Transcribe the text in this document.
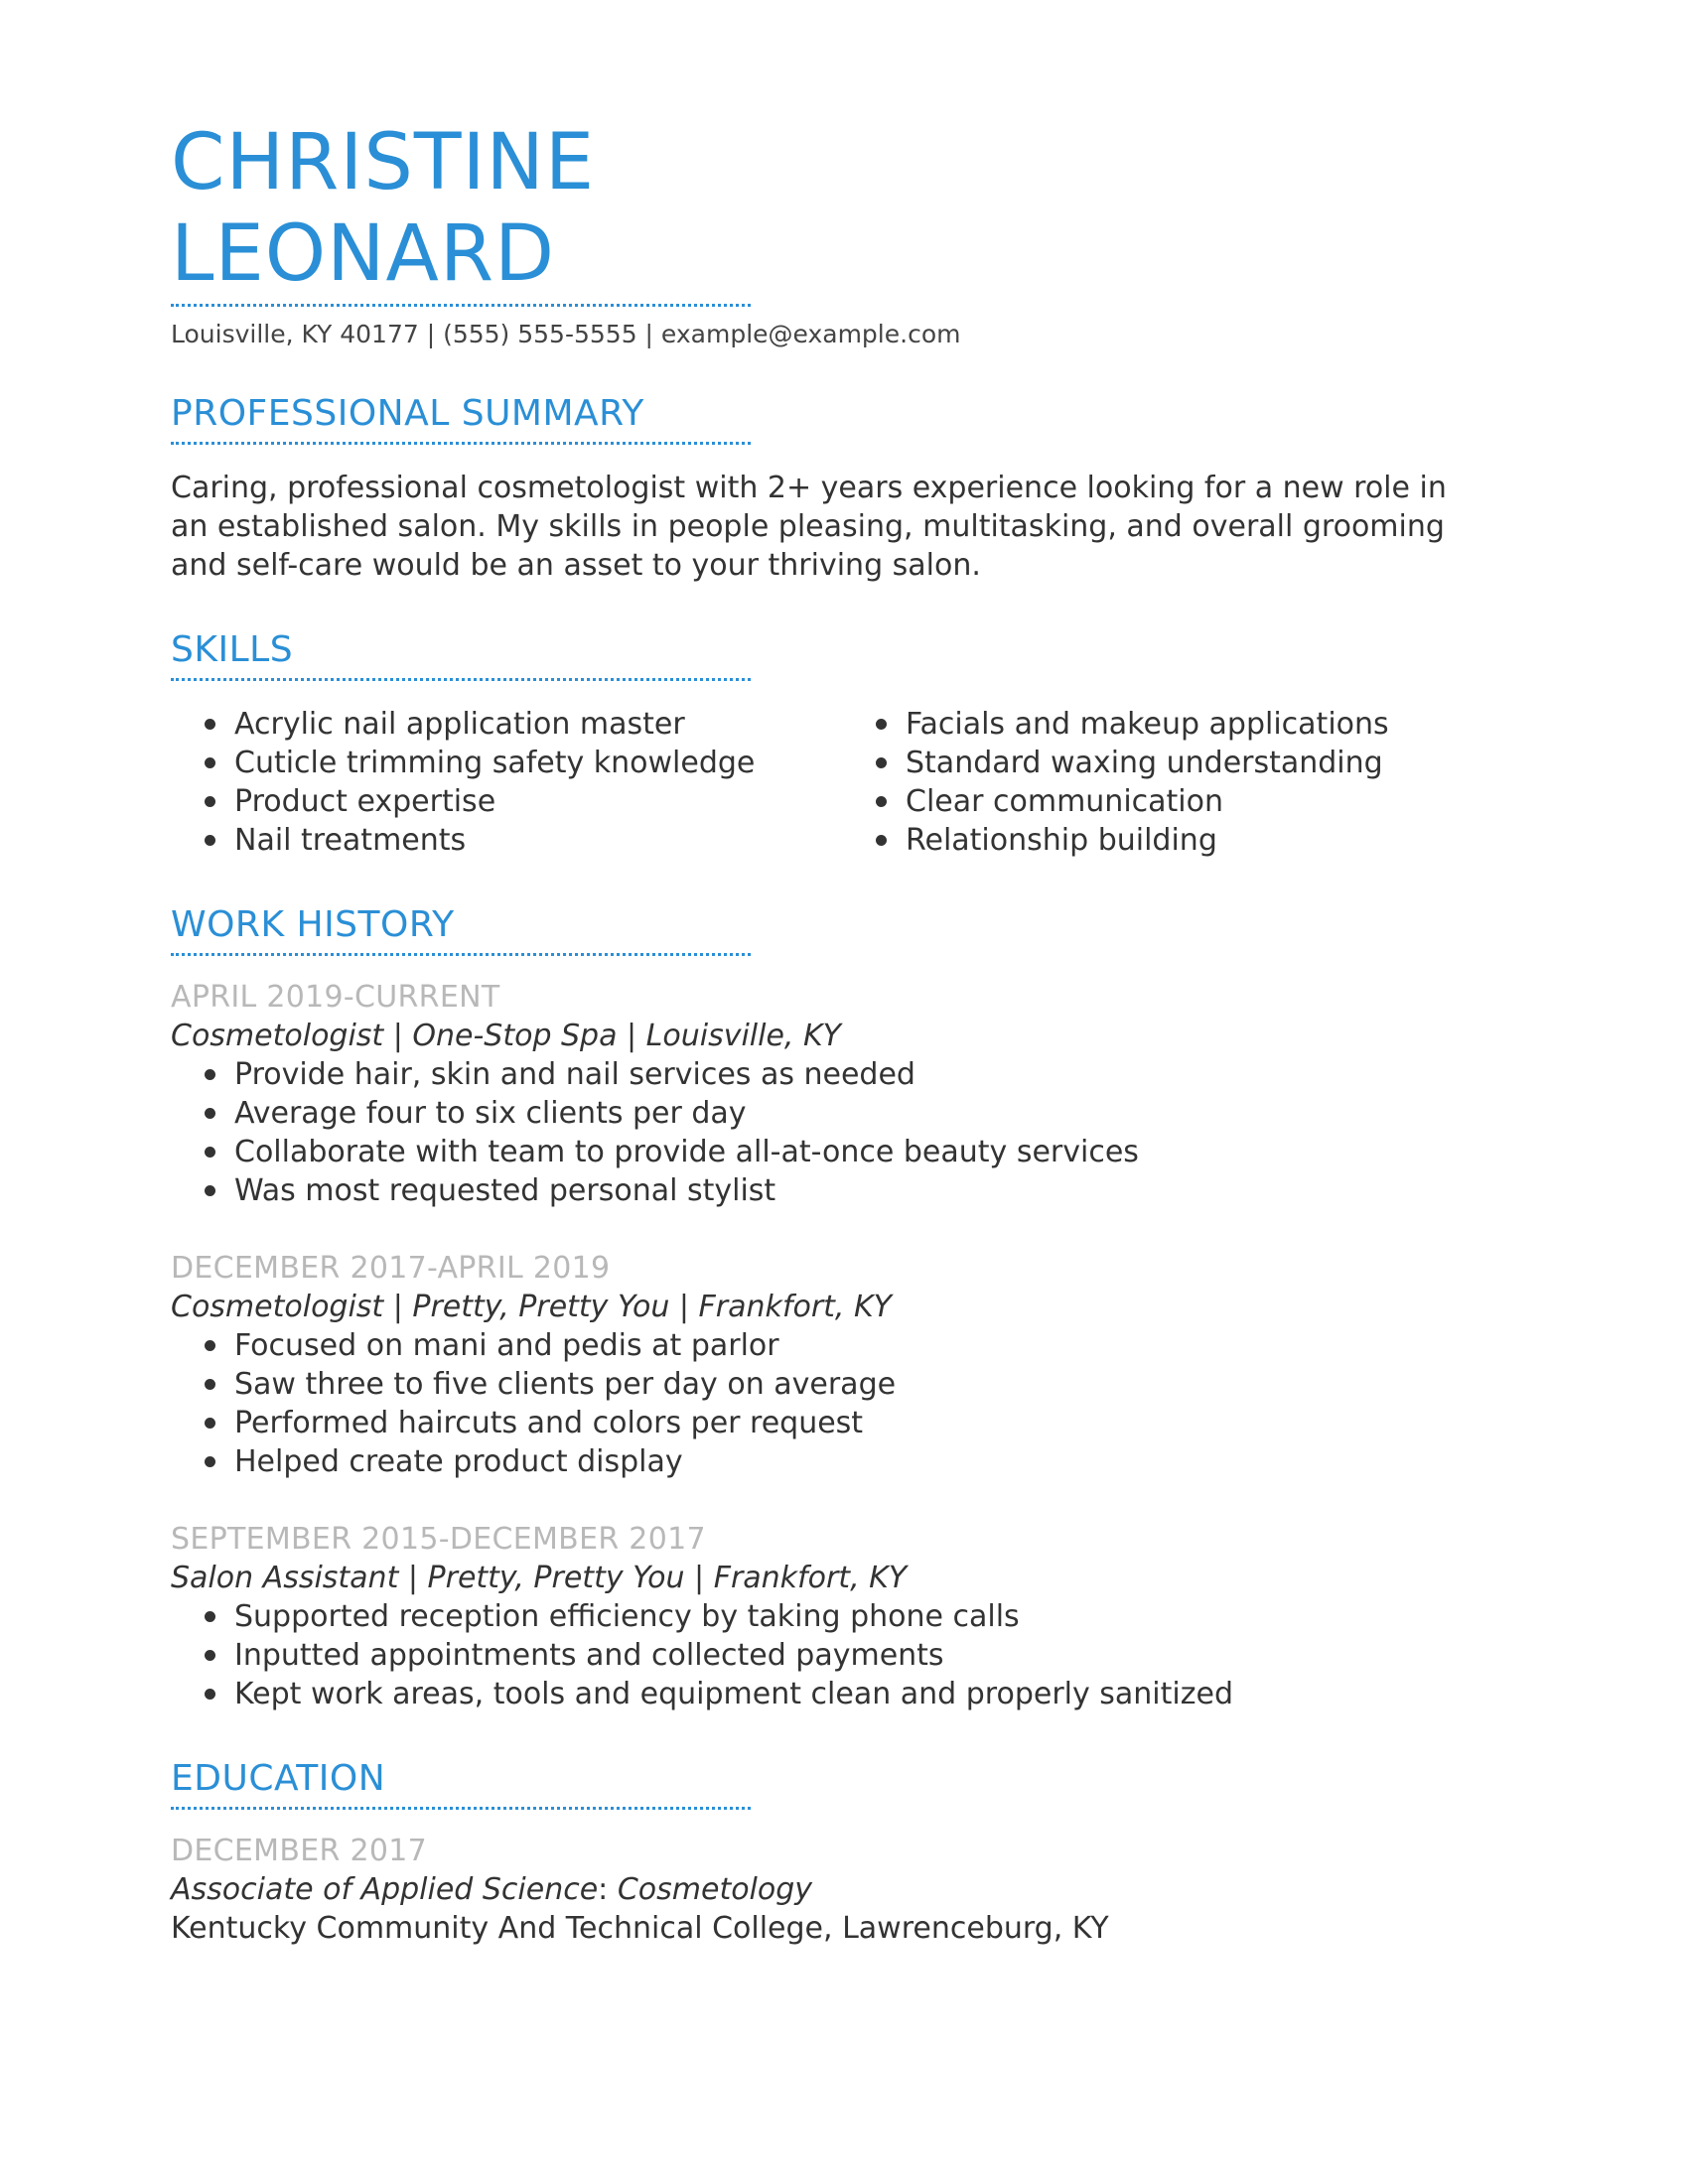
CHRISTINE
LEONARD
Louisville, KY 40177 | (555) 555-5555 | example@example.com
PROFESSIONAL SUMMARY
Caring, professional cosmetologist with 2+ years experience looking for a new role in
an established salon. My skills in people pleasing, multitasking, and overall grooming
and self-care would be an asset to your thriving salon.
SKILLS
Acrylic nail application master
Cuticle trimming safety knowledge
Product expertise
Nail treatments
Facials and makeup applications
Standard waxing understanding
Clear communication
Relationship building
WORK HISTORY
APRIL 2019-CURRENT
Cosmetologist | One-Stop Spa | Louisville, KY
Provide hair, skin and nail services as needed
Average four to six clients per day
Collaborate with team to provide all-at-once beauty services
Was most requested personal stylist
DECEMBER 2017-APRIL 2019
Cosmetologist | Pretty, Pretty You | Frankfort, KY
Focused on mani and pedis at parlor
Saw three to five clients per day on average
Performed haircuts and colors per request
Helped create product display
SEPTEMBER 2015-DECEMBER 2017
Salon Assistant | Pretty, Pretty You | Frankfort, KY
Supported reception efficiency by taking phone calls
Inputted appointments and collected payments
Kept work areas, tools and equipment clean and properly sanitized
EDUCATION
DECEMBER 2017
Associate of Applied Science: Cosmetology
Kentucky Community And Technical College, Lawrenceburg, KY
